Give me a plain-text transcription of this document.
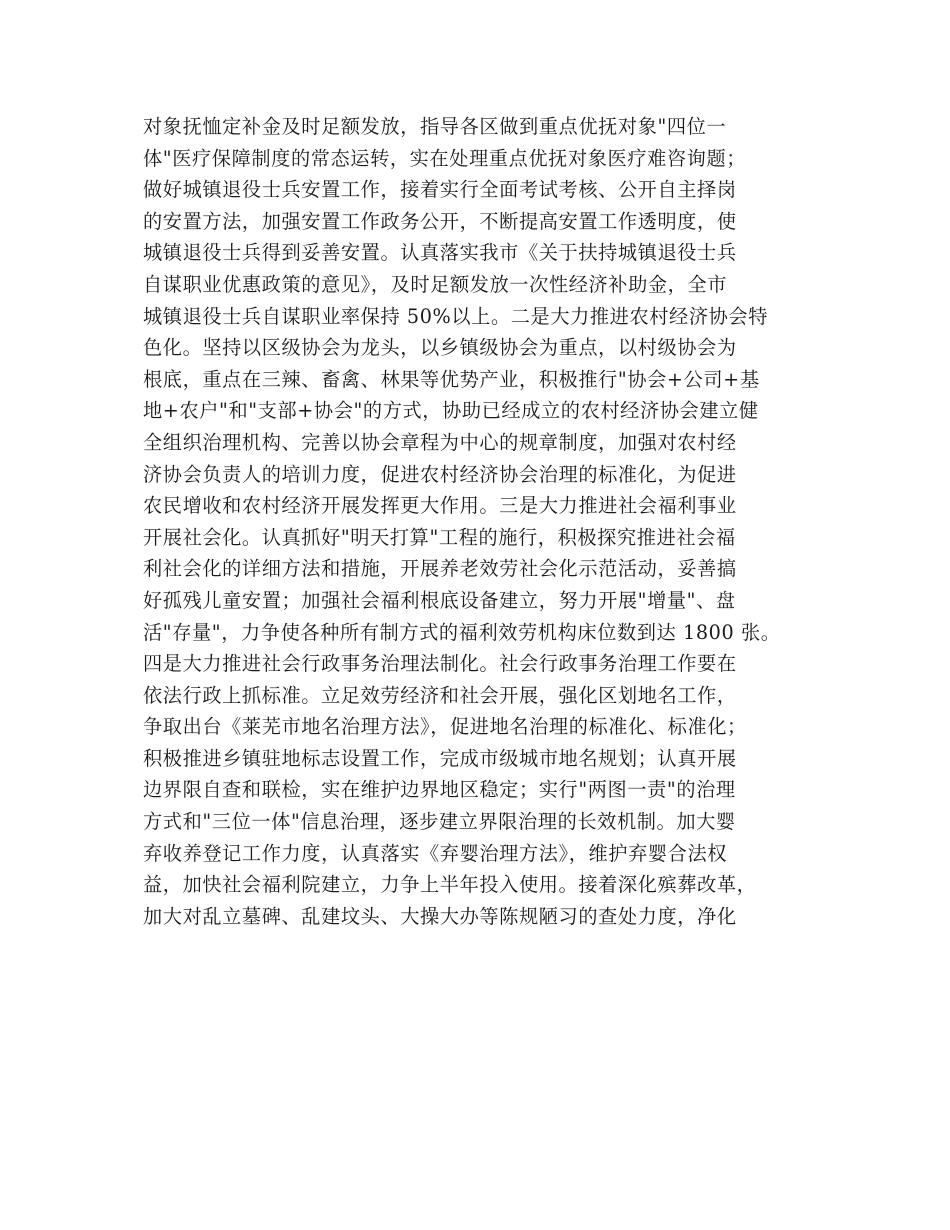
对象抚恤定补金及时足额发放，指导各区做到重点优抚对象"四位一
体"医疗保障制度的常态运转，实在处理重点优抚对象医疗难咨询题；
做好城镇退役士兵安置工作，接着实行全面考试考核、公开自主择岗
的安置方法，加强安置工作政务公开，不断提高安置工作透明度，使
城镇退役士兵得到妥善安置。认真落实我市《关于扶持城镇退役士兵
自谋职业优惠政策的意见》，及时足额发放一次性经济补助金，全市
城镇退役士兵自谋职业率保持 50%以上。二是大力推进农村经济协会特
色化。坚持以区级协会为龙头，以乡镇级协会为重点，以村级协会为
根底，重点在三辣、畜禽、林果等优势产业，积极推行"协会+公司+基
地+农户"和"支部+协会"的方式，协助已经成立的农村经济协会建立健
全组织治理机构、完善以协会章程为中心的规章制度，加强对农村经
济协会负责人的培训力度，促进农村经济协会治理的标准化，为促进
农民增收和农村经济开展发挥更大作用。三是大力推进社会福利事业
开展社会化。认真抓好"明天打算"工程的施行，积极探究推进社会福
利社会化的详细方法和措施，开展养老效劳社会化示范活动，妥善搞
好孤残儿童安置；加强社会福利根底设备建立，努力开展"增量"、盘
活"存量"，力争使各种所有制方式的福利效劳机构床位数到达 1800 张。
四是大力推进社会行政事务治理法制化。社会行政事务治理工作要在
依法行政上抓标准。立足效劳经济和社会开展，强化区划地名工作，
争取出台《莱芜市地名治理方法》，促进地名治理的标准化、标准化；
积极推进乡镇驻地标志设置工作，完成市级城市地名规划；认真开展
边界限自查和联检，实在维护边界地区稳定；实行"两图一责"的治理
方式和"三位一体"信息治理，逐步建立界限治理的长效机制。加大婴
弃收养登记工作力度，认真落实《弃婴治理方法》，维护弃婴合法权
益，加快社会福利院建立，力争上半年投入使用。接着深化殡葬改革，
加大对乱立墓碑、乱建坟头、大操大办等陈规陋习的查处力度，净化
